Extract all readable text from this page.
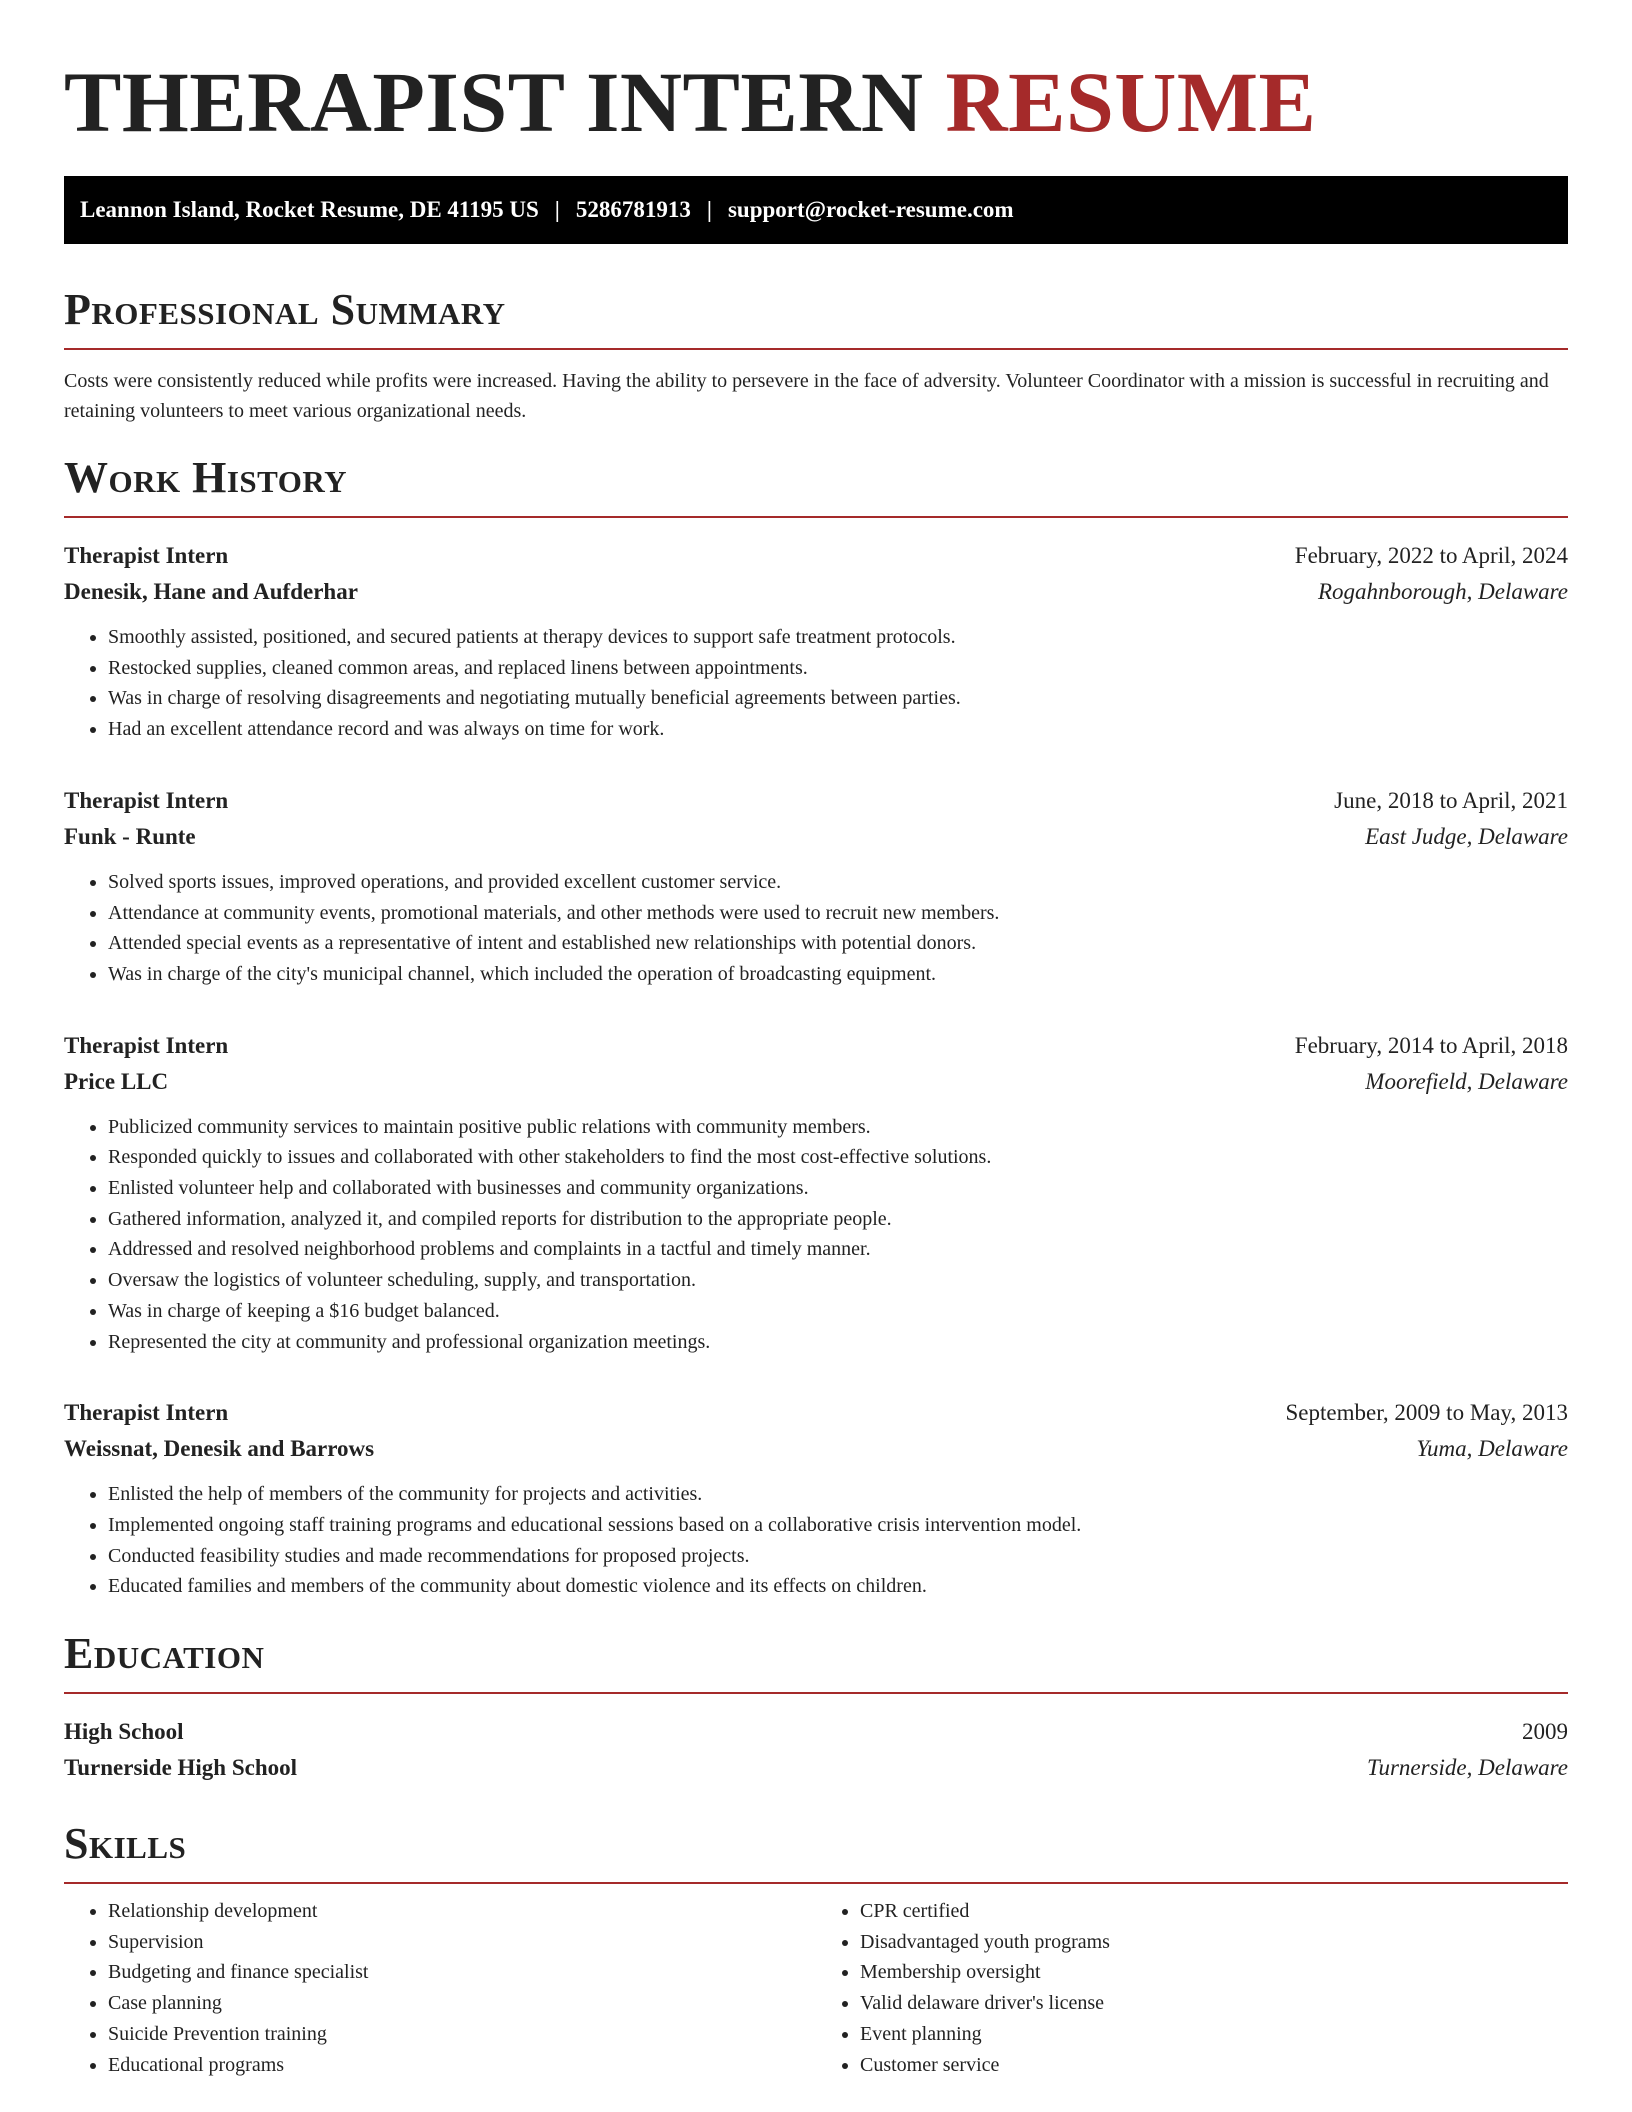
THERAPIST INTERN RESUME
Leannon Island, Rocket Resume, DE 41195 US | 5286781913 | support@rocket-resume.com
Professional Summary

Costs were consistently reduced while profits were increased. Having the ability to persevere in the face of adversity. Volunteer Coordinator with a mission is successful in recruiting and retaining volunteers to meet various organizational needs.

Work History
Therapist Intern	February, 2022 to April, 2024
Denesik, Hane and Aufderhar	Rogahnborough, Delaware
• Smoothly assisted, positioned, and secured patients at therapy devices to support safe treatment protocols.
• Restocked supplies, cleaned common areas, and replaced linens between appointments.
• Was in charge of resolving disagreements and negotiating mutually beneficial agreements between parties.
• Had an excellent attendance record and was always on time for work.
Therapist Intern	June, 2018 to April, 2021
Funk - Runte	East Judge, Delaware
• Solved sports issues, improved operations, and provided excellent customer service.
• Attendance at community events, promotional materials, and other methods were used to recruit new members.
• Attended special events as a representative of intent and established new relationships with potential donors.
• Was in charge of the city's municipal channel, which included the operation of broadcasting equipment.
Therapist Intern	February, 2014 to April, 2018
Price LLC	Moorefield, Delaware
• Publicized community services to maintain positive public relations with community members.
• Responded quickly to issues and collaborated with other stakeholders to find the most cost-effective solutions.
• Enlisted volunteer help and collaborated with businesses and community organizations.
• Gathered information, analyzed it, and compiled reports for distribution to the appropriate people.
• Addressed and resolved neighborhood problems and complaints in a tactful and timely manner.
• Oversaw the logistics of volunteer scheduling, supply, and transportation.
• Was in charge of keeping a $16 budget balanced.
• Represented the city at community and professional organization meetings.
Therapist Intern	September, 2009 to May, 2013
Weissnat, Denesik and Barrows	Yuma, Delaware
• Enlisted the help of members of the community for projects and activities.
• Implemented ongoing staff training programs and educational sessions based on a collaborative crisis intervention model.
• Conducted feasibility studies and made recommendations for proposed projects.
• Educated families and members of the community about domestic violence and its effects on children.
Education
High School	2009
Turnerside High School	Turnerside, Delaware
Skills
• Relationship development
• Supervision
• Budgeting and finance specialist
• Case planning
• Suicide Prevention training
• Educational programs
• CPR certified
• Disadvantaged youth programs
• Membership oversight
• Valid delaware driver's license
• Event planning
• Customer service
